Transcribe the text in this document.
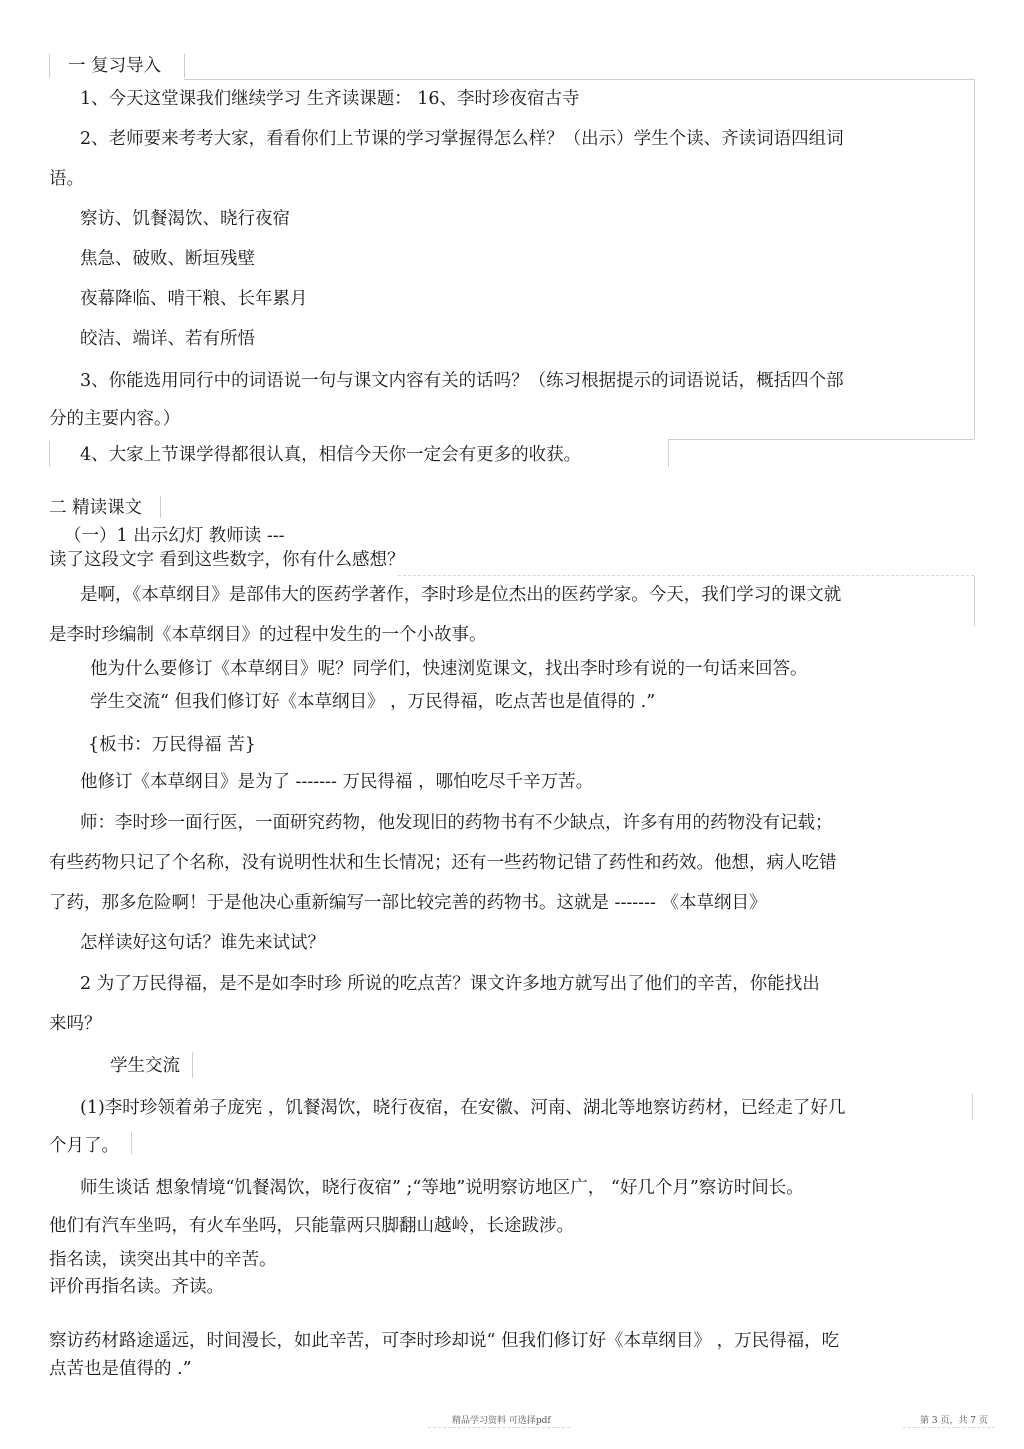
一 复习导入
1、今天这堂课我们继续学习 生齐读课题： 16、李时珍夜宿古寺
2、老师要来考考大家，看看你们上节课的学习掌握得怎么样？（出示）学生个读、齐读词语四组词
语。
察访、饥餐渴饮、晓行夜宿
焦急、破败、断垣残壁
夜幕降临、啃干粮、长年累月
皎洁、端详、若有所悟
3、你能选用同行中的词语说一句与课文内容有关的话吗？（练习根据提示的词语说话，概括四个部
分的主要内容。）
4、大家上节课学得都很认真，相信今天你一定会有更多的收获。
二 精读课文
（一）1 出示幻灯 教师读 ---
读了这段文字 看到这些数字，你有什么感想？
是啊，《本草纲目》是部伟大的医药学著作，李时珍是位杰出的医药学家。今天，我们学习的课文就
是李时珍编制《本草纲目》的过程中发生的一个小故事。
他为什么要修订《本草纲目》呢？同学们，快速浏览课文，找出李时珍有说的一句话来回答。
学生交流“ 但我们修订好《本草纲目》 ，万民得福，吃点苦也是值得的 .”
{板书：万民得福 苦}
他修订《本草纲目》是为了 ------- 万民得福 ，哪怕吃尽千辛万苦。
师：李时珍一面行医，一面研究药物，他发现旧的药物书有不少缺点，许多有用的药物没有记载；
有些药物只记了个名称，没有说明性状和生长情况；还有一些药物记错了药性和药效。他想，病人吃错
了药，那多危险啊！于是他决心重新编写一部比较完善的药物书。这就是 ------- 《本草纲目》
怎样读好这句话？谁先来试试？
2 为了万民得福，是不是如李时珍 所说的吃点苦？课文许多地方就写出了他们的辛苦，你能找出
来吗？
学生交流
(1)李时珍领着弟子庞宪 ，饥餐渴饮，晓行夜宿，在安徽、河南、湖北等地察访药材，已经走了好几
个月了。
师生谈话 想象情境“饥餐渴饮，晓行夜宿” ;“等地”说明察访地区广， “好几个月”察访时间长。
他们有汽车坐吗，有火车坐吗，只能靠两只脚翻山越岭，长途跋涉。
指名读，读突出其中的辛苦。
评价再指名读。齐读。
察访药材路途遥远，时间漫长，如此辛苦，可李时珍却说“ 但我们修订好《本草纲目》 ，万民得福，吃
点苦也是值得的 .”
精品学习资料 可选择pdf	第 3 页，共 7 页
